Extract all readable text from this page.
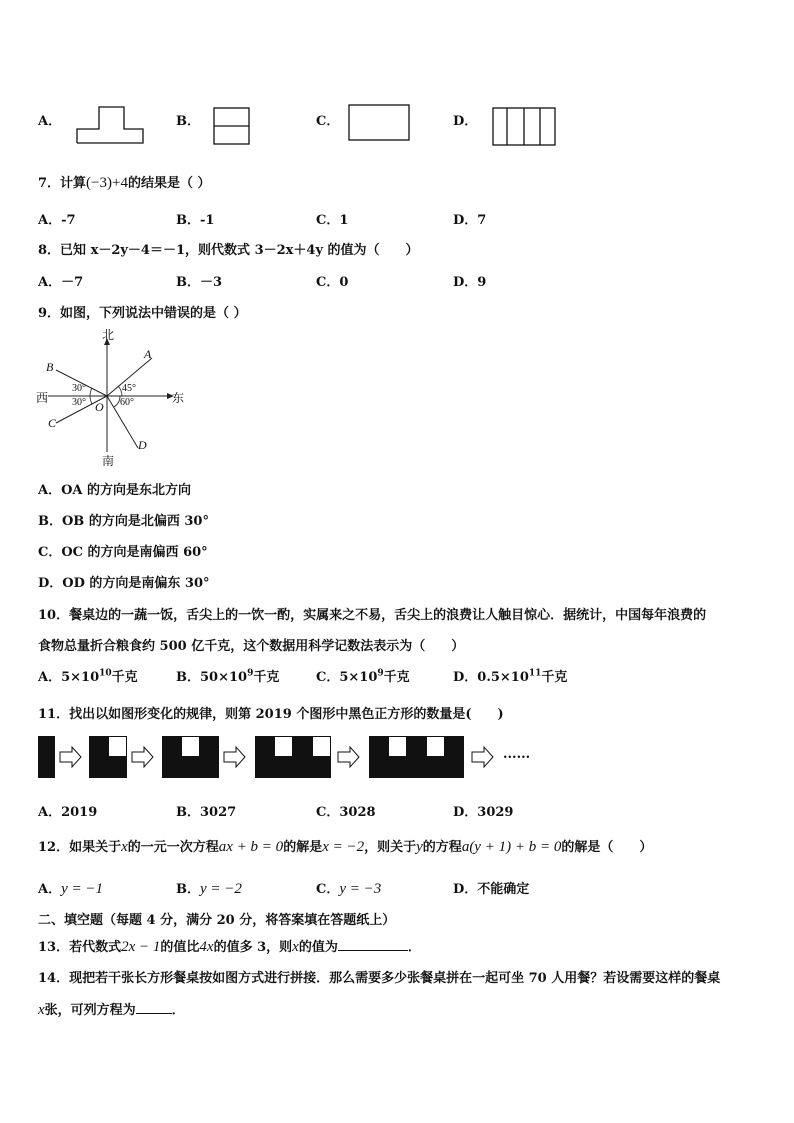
A．	B．	C．	D．
7．计算(−3)+4的结果是（ ）
A．-7	B．-1	C．1	D．7
8．已知 x－2y－4＝－1，则代数式 3－2x＋4y 的值为（　　）
A．－7	B．－3	C．0	D．9
9．如图，下列说法中错误的是（ ）
北
南
西	东
A
B
C
D
O
30°
30°
45°
60°
A．OA 的方向是东北方向
B．OB 的方向是北偏西 30°
C．OC 的方向是南偏西 60°
D．OD 的方向是南偏东 30°
10．餐桌边的一蔬一饭，舌尖上的一饮一酌，实属来之不易，舌尖上的浪费让人触目惊心．据统计，中国每年浪费的
食物总量折合粮食约 500 亿千克，这个数据用科学记数法表示为（　　）
A．$5\times 10^{10}$千克	B．$50\times 10^9$千克	C．$5\times 10^9$千克	D．$0.5\times 10^{11}$千克
11．找出以如图形变化的规律，则第 2019 个图形中黑色正方形的数量是(　　)
......
A．2019	B．3027	C．3028	D．3029
12．如果关于x的一元一次方程ax + b = 0的解是x = −2，则关于y的方程a(y + 1) + b = 0的解是（　　）
A．y = −1	B．y = −2	C．y = −3	D．不能确定
二、填空题（每题 4 分，满分 20 分，将答案填在答题纸上）
13．若代数式2x − 1的值比4x的值多 3，则x的值为	．
14．现把若干张长方形餐桌按如图方式进行拼接．那么需要多少张餐桌拼在一起可坐 70 人用餐？若设需要这样的餐桌
x张，可列方程为	．
